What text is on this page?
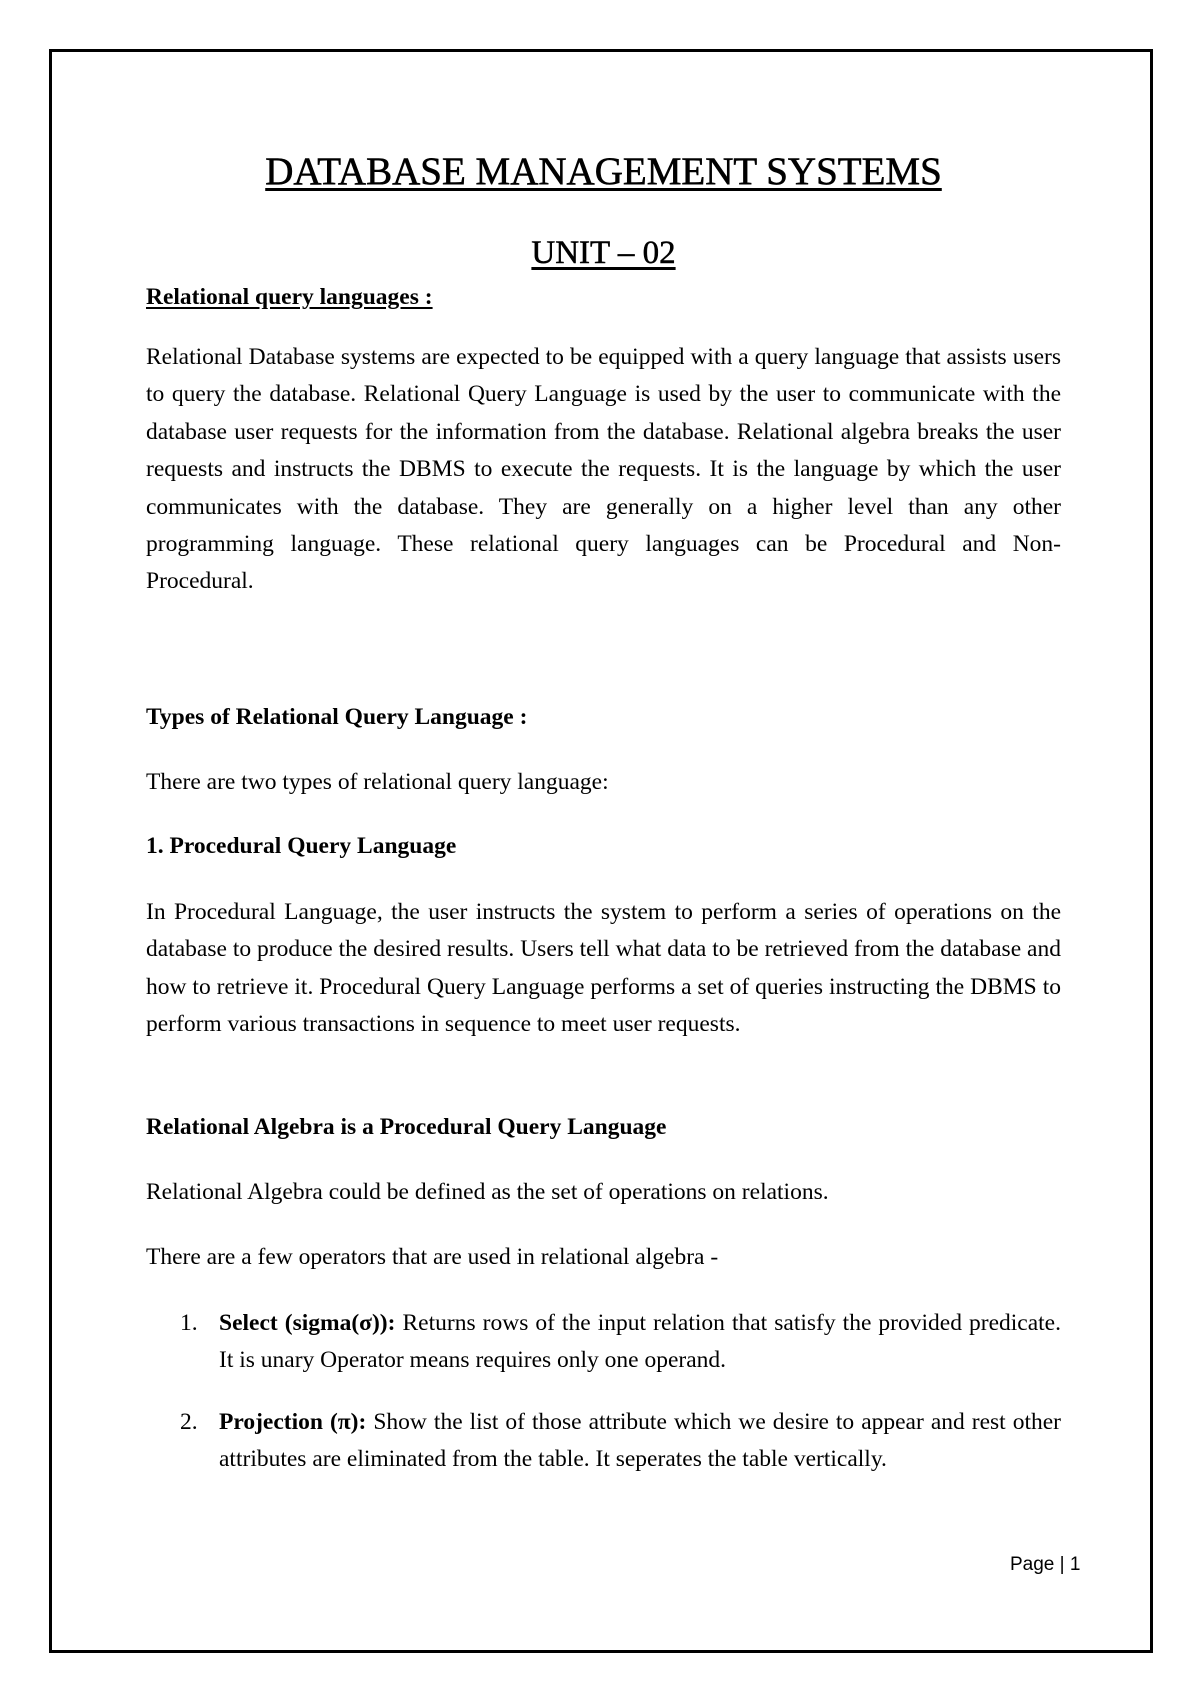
DATABASE MANAGEMENT SYSTEMS
UNIT – 02

Relational query languages :

Relational Database systems are expected to be equipped with a query language that assists users to query the database. Relational Query Language is used by the user to communicate with the database user requests for the information from the database. Relational algebra breaks the user requests and instructs the DBMS to execute the requests. It is the language by which the user communicates with the database. They are generally on a higher level than any other programming language. These relational query languages can be Procedural and Non-Procedural.

Types of Relational Query Language :

There are two types of relational query language:

1. Procedural Query Language

In Procedural Language, the user instructs the system to perform a series of operations on the database to produce the desired results. Users tell what data to be retrieved from the database and how to retrieve it. Procedural Query Language performs a set of queries instructing the DBMS to perform various transactions in sequence to meet user requests.

Relational Algebra is a Procedural Query Language

Relational Algebra could be defined as the set of operations on relations.

There are a few operators that are used in relational algebra -

1. Select (sigma(σ)): Returns rows of the input relation that satisfy the provided predicate. It is unary Operator means requires only one operand.
2. Projection (π): Show the list of those attribute which we desire to appear and rest other attributes are eliminated from the table. It seperates the table vertically.
Page | 1
